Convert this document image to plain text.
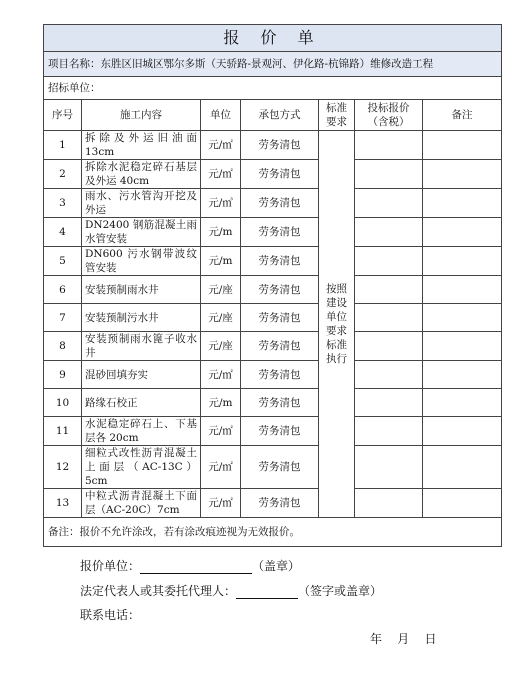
报 价 单						
项目名称：东胜区旧城区鄂尔多斯（天骄路-景观河、伊化路-杭锦路）维修改造工程						
招标单位：						
序号	施工内容	单位	承包方式	标准要求	投标报价（含税）	备注
1	拆除及外运旧油面 13cm	元/㎡	劳务清包	按照建设单位要求标准执行		
2	拆除水泥稳定碎石基层及外运 40cm	元/㎡	劳务清包			
3	雨水、污水管沟开挖及外运	元/㎥	劳务清包			
4	DN2400 钢筋混凝土雨水管安装	元/m	劳务清包			
5	DN600 污水钢带波纹管安装	元/m	劳务清包			
6	安装预制雨水井	元/座	劳务清包			
7	安装预制污水井	元/座	劳务清包			
8	安装预制雨水篦子收水井	元/座	劳务清包			
9	混砂回填夯实	元/㎡	劳务清包			
10	路缘石校正	元/m	劳务清包			
11	水泥稳定碎石上、下基层各 20cm	元/㎡	劳务清包			
12	细粒式改性沥青混凝土上面层（AC-13C）5cm	元/㎡	劳务清包			
13	中粒式沥青混凝土下面层（AC-20C）7cm	元/㎡	劳务清包			
备注：报价不允许涂改，若有涂改痕迹视为无效报价。						
报价单位：	（盖章）
法定代表人或其委托代理人：	（签字或盖章）
联系电话：
年    月    日
